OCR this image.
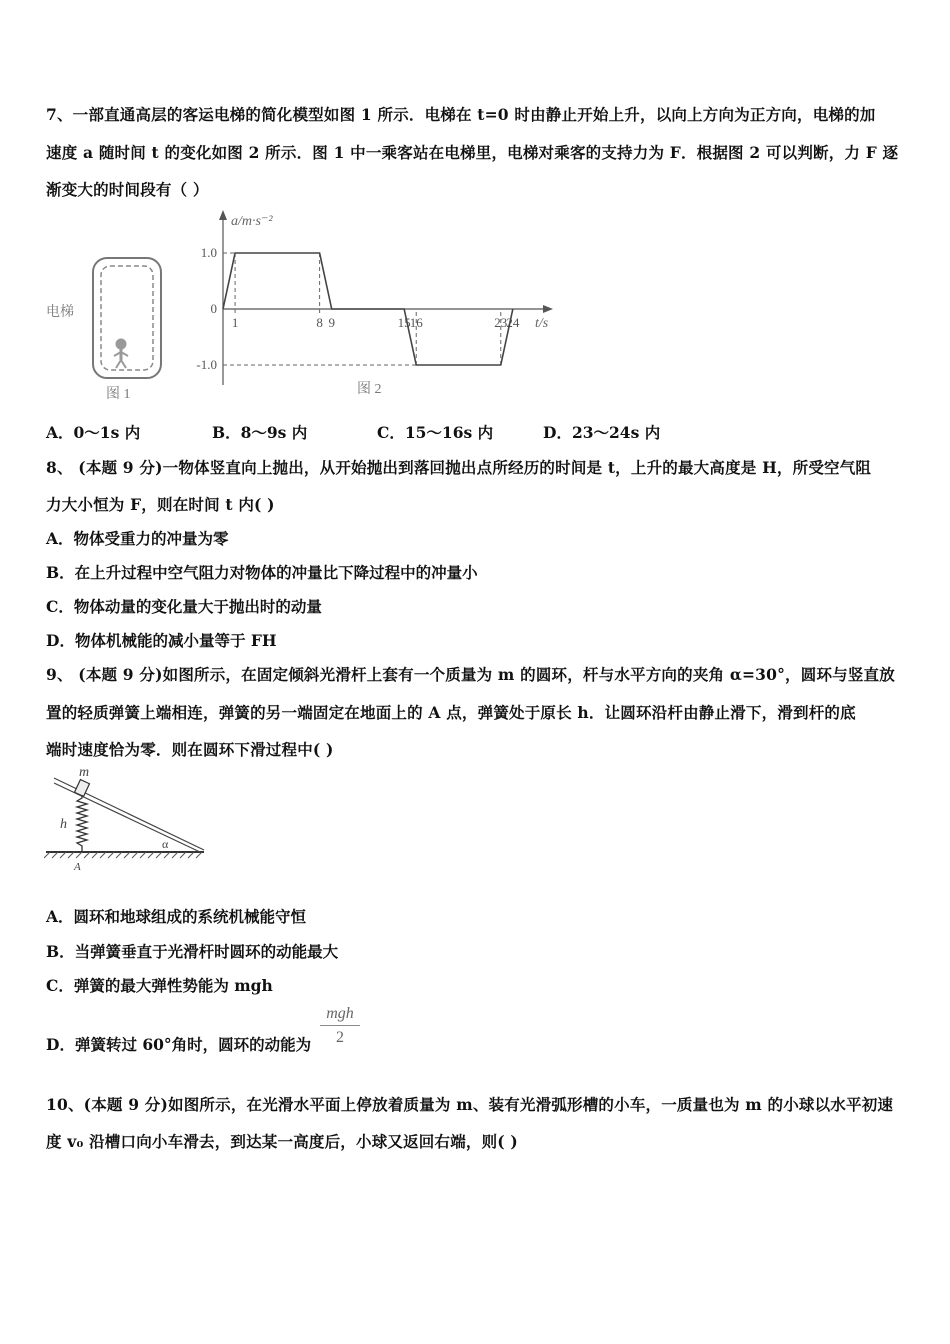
7、一部直通高层的客运电梯的简化模型如图 1 所示．电梯在 t=0 时由静止开始上升，以向上方向为正方向，电梯的加
速度 a 随时间 t 的变化如图 2 所示．图 1 中一乘客站在电梯里，电梯对乘客的支持力为 F．根据图 2 可以判断，力 F 逐
渐变大的时间段有（ ）
电梯
图 1
a/m·s⁻²
t/s
1.0
0
-1.0
1	8 9	15 16	23 24
图 2
A．0～1s 内	B．8～9s 内	C．15～16s 内	D．23～24s 内
8、 (本题 9 分)一物体竖直向上抛出，从开始抛出到落回抛出点所经历的时间是 t，上升的最大高度是 H，所受空气阻
力大小恒为 F，则在时间 t 内( )
A．物体受重力的冲量为零
B．在上升过程中空气阻力对物体的冲量比下降过程中的冲量小
C．物体动量的变化量大于抛出时的动量
D．物体机械能的减小量等于 FH
9、 (本题 9 分)如图所示，在固定倾斜光滑杆上套有一个质量为 m 的圆环，杆与水平方向的夹角 α=30°，圆环与竖直放
置的轻质弹簧上端相连，弹簧的另一端固定在地面上的 A 点，弹簧处于原长 h．让圆环沿杆由静止滑下，滑到杆的底
端时速度恰为零．则在圆环下滑过程中( )
m
h
α
A
A．圆环和地球组成的系统机械能守恒
B．当弹簧垂直于光滑杆时圆环的动能最大
C．弹簧的最大弹性势能为 mgh
D．弹簧转过 60°角时，圆环的动能为
mgh
2
10、(本题 9 分)如图所示，在光滑水平面上停放着质量为 m、装有光滑弧形槽的小车，一质量也为 m 的小球以水平初速
度 v₀ 沿槽口向小车滑去，到达某一高度后，小球又返回右端，则( )
